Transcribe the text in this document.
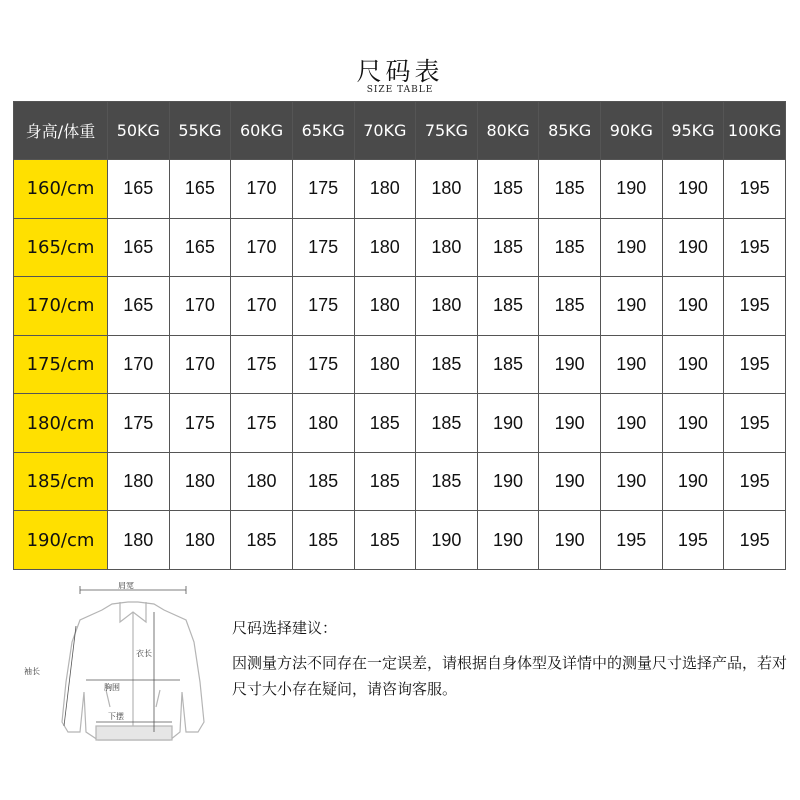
尺码表
SIZE TABLE
身高/体重	50KG	55KG	60KG	65KG	70KG	75KG	80KG	85KG	90KG	95KG	100KG
160/cm	165	165	170	175	180	180	185	185	190	190	195
165/cm	165	165	170	175	180	180	185	185	190	190	195
170/cm	165	170	170	175	180	180	185	185	190	190	195
175/cm	170	170	175	175	180	185	185	190	190	190	195
180/cm	175	175	175	180	185	185	190	190	190	190	195
185/cm	180	180	180	185	185	185	190	190	190	190	195
190/cm	180	180	185	185	185	190	190	190	195	195	195
肩宽
袖长
衣长
胸围
下摆
尺码选择建议：
因测量方法不同存在一定误差，请根据自身体型及详情中的测量尺寸选择产品，若对尺寸大小存在疑问，请咨询客服。
